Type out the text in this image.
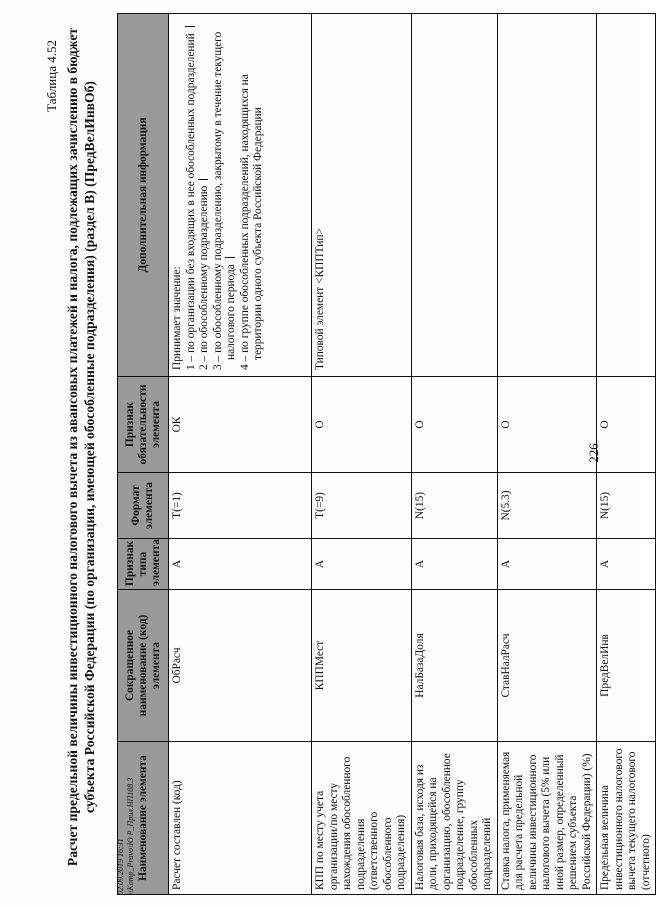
226
Таблица 4.52 Расчет предельной величины инвестиционного налогового вычета из авансовых платежей и налога, подлежащих зачислению в бюджет субъекта Российской Федерации (по организации, имеющей обособленные подразделения) (раздел В) (ПредВелИнвОб)
Наименование элемента	Сокращенное наименование (код) элемента	Признак типа элемента	Формат элемента	Признак обязательности элемента	Дополнительная информация
Расчет составлен (код)	ОбРасч	А	Т(=1)	ОК	Принимает значение: 1 – по организации без входящих в нее обособленных подразделений 2 – по обособленному подразделению 3 – по обособленному подразделению, закрытому в течение текущего налогового периода 4 – по группе обособленных подразделений, находящихся на территории одного субъекта Российской Федерации

КПП по месту учета организации/по месту нахождения обособленного подразделения (ответственного обособленного подразделения)	КППМест	А	Т(=9)	О	Типовой элемент <КППТип>
Налоговая база, исходя из доли, приходящейся на организацию, обособленное подразделение, группу обособленных подразделений	НалБазаДоля	А	N(15)	О	
Ставка налога, применяемая для расчета предельной величины инвестиционного налогового вычета (5% или иной размер, определенный решением субъекта Российской Федерации) (%)	СтавНалРасч	А	N(5.3)	О	
Предельная величина инвестиционного налогового вычета текущего налогового (отчетного)	ПредВелИнв	А	N(15)	О	
02.09.2019 16:31 \\Komp_Pravo\Ю P_Прил.НП108.3
